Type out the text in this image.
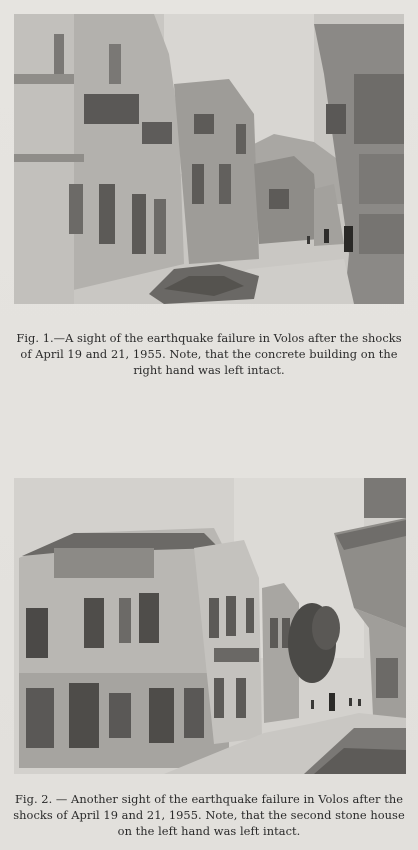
Fig. 1.—A sight of the earthquake failure in Volos after the shocks of April 19 and 21, 1955. Note, that the concrete building on the right hand was left intact.

Fig. 2. — Another sight of the earthquake failure in Volos after the shocks of April 19 and 21, 1955. Note, that the second stone house on the left hand was left intact.
